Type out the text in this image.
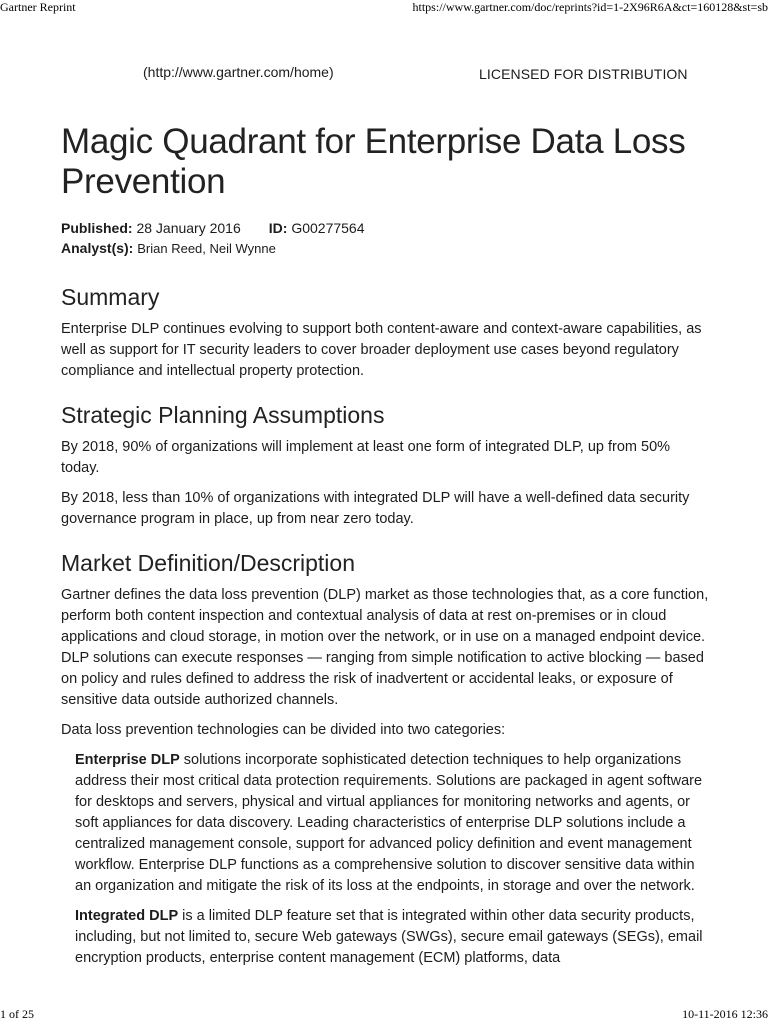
Gartner Reprint	https://www.gartner.com/doc/reprints?id=1-2X96R6A&ct=160128&st=sb
(http://www.gartner.com/home)	LICENSED FOR DISTRIBUTION
Magic Quadrant for Enterprise Data Loss Prevention
Published: 28 January 2016 ID: G00277564
Analyst(s): Brian Reed, Neil Wynne
Summary

Enterprise DLP continues evolving to support both content-aware and context-aware capabilities, as well as support for IT security leaders to cover broader deployment use cases beyond regulatory compliance and intellectual property protection.

Strategic Planning Assumptions

By 2018, 90% of organizations will implement at least one form of integrated DLP, up from 50% today.

By 2018, less than 10% of organizations with integrated DLP will have a well-defined data security governance program in place, up from near zero today.

Market Definition/Description

Gartner defines the data loss prevention (DLP) market as those technologies that, as a core function, perform both content inspection and contextual analysis of data at rest on-premises or in cloud applications and cloud storage, in motion over the network, or in use on a managed endpoint device. DLP solutions can execute responses — ranging from simple notification to active blocking — based on policy and rules defined to address the risk of inadvertent or accidental leaks, or exposure of sensitive data outside authorized channels.

Data loss prevention technologies can be divided into two categories:

Enterprise DLP solutions incorporate sophisticated detection techniques to help organizations address their most critical data protection requirements. Solutions are packaged in agent software for desktops and servers, physical and virtual appliances for monitoring networks and agents, or soft appliances for data discovery. Leading characteristics of enterprise DLP solutions include a centralized management console, support for advanced policy definition and event management workflow. Enterprise DLP functions as a comprehensive solution to discover sensitive data within an organization and mitigate the risk of its loss at the endpoints, in storage and over the network.

Integrated DLP is a limited DLP feature set that is integrated within other data security products, including, but not limited to, secure Web gateways (SWGs), secure email gateways (SEGs), email encryption products, enterprise content management (ECM) platforms, data

1 of 25	10-11-2016 12:36
